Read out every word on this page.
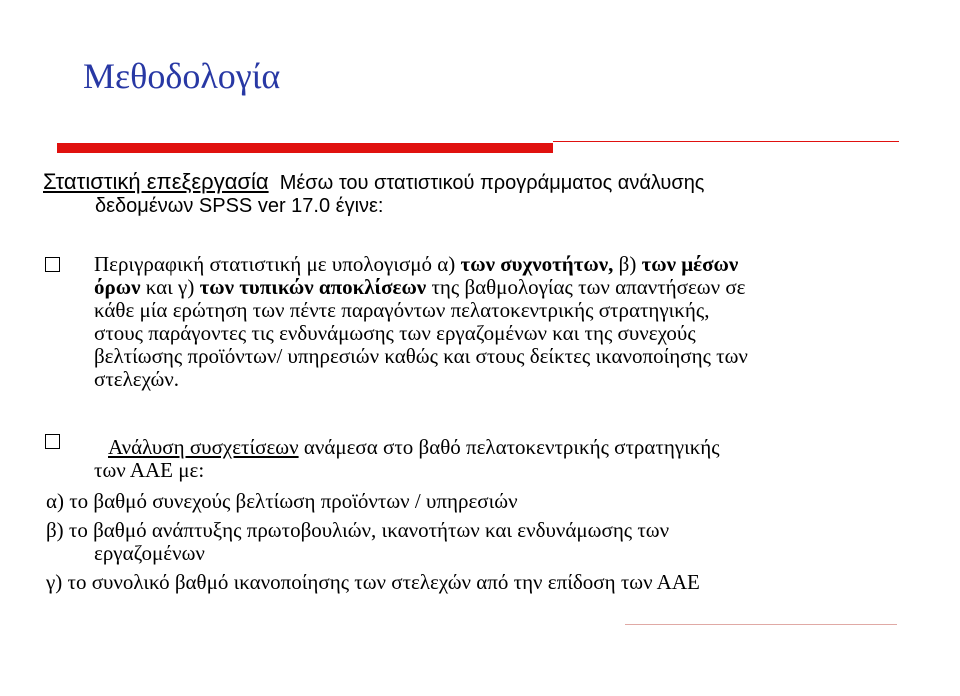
Μεθοδολογία
Στατιστική επεξεργασία  Μέσω του στατιστικού προγράμματος ανάλυσης
δεδομένων SPSS ver 17.0 έγινε:
Περιγραφική στατιστική με υπολογισμό α) των συχνοτήτων, β) των μέσων
όρων και γ) των τυπικών αποκλίσεων της βαθμολογίας των απαντήσεων σε
κάθε μία ερώτηση των πέντε παραγόντων πελατοκεντρικής στρατηγικής,
στους παράγοντες τις ενδυνάμωσης των εργαζομένων και της συνεχούς
βελτίωσης προϊόντων/ υπηρεσιών καθώς και στους δείκτες ικανοποίησης των
στελεχών.
Ανάλυση συσχετίσεων ανάμεσα στο βαθό πελατοκεντρικής στρατηγικής
των ΑΑΕ με:
α) το βαθμό συνεχούς βελτίωση προϊόντων / υπηρεσιών
β) το βαθμό ανάπτυξης πρωτοβουλιών, ικανοτήτων και ενδυνάμωσης των
εργαζομένων
γ) το συνολικό βαθμό ικανοποίησης των στελεχών από την επίδοση των ΑΑΕ
